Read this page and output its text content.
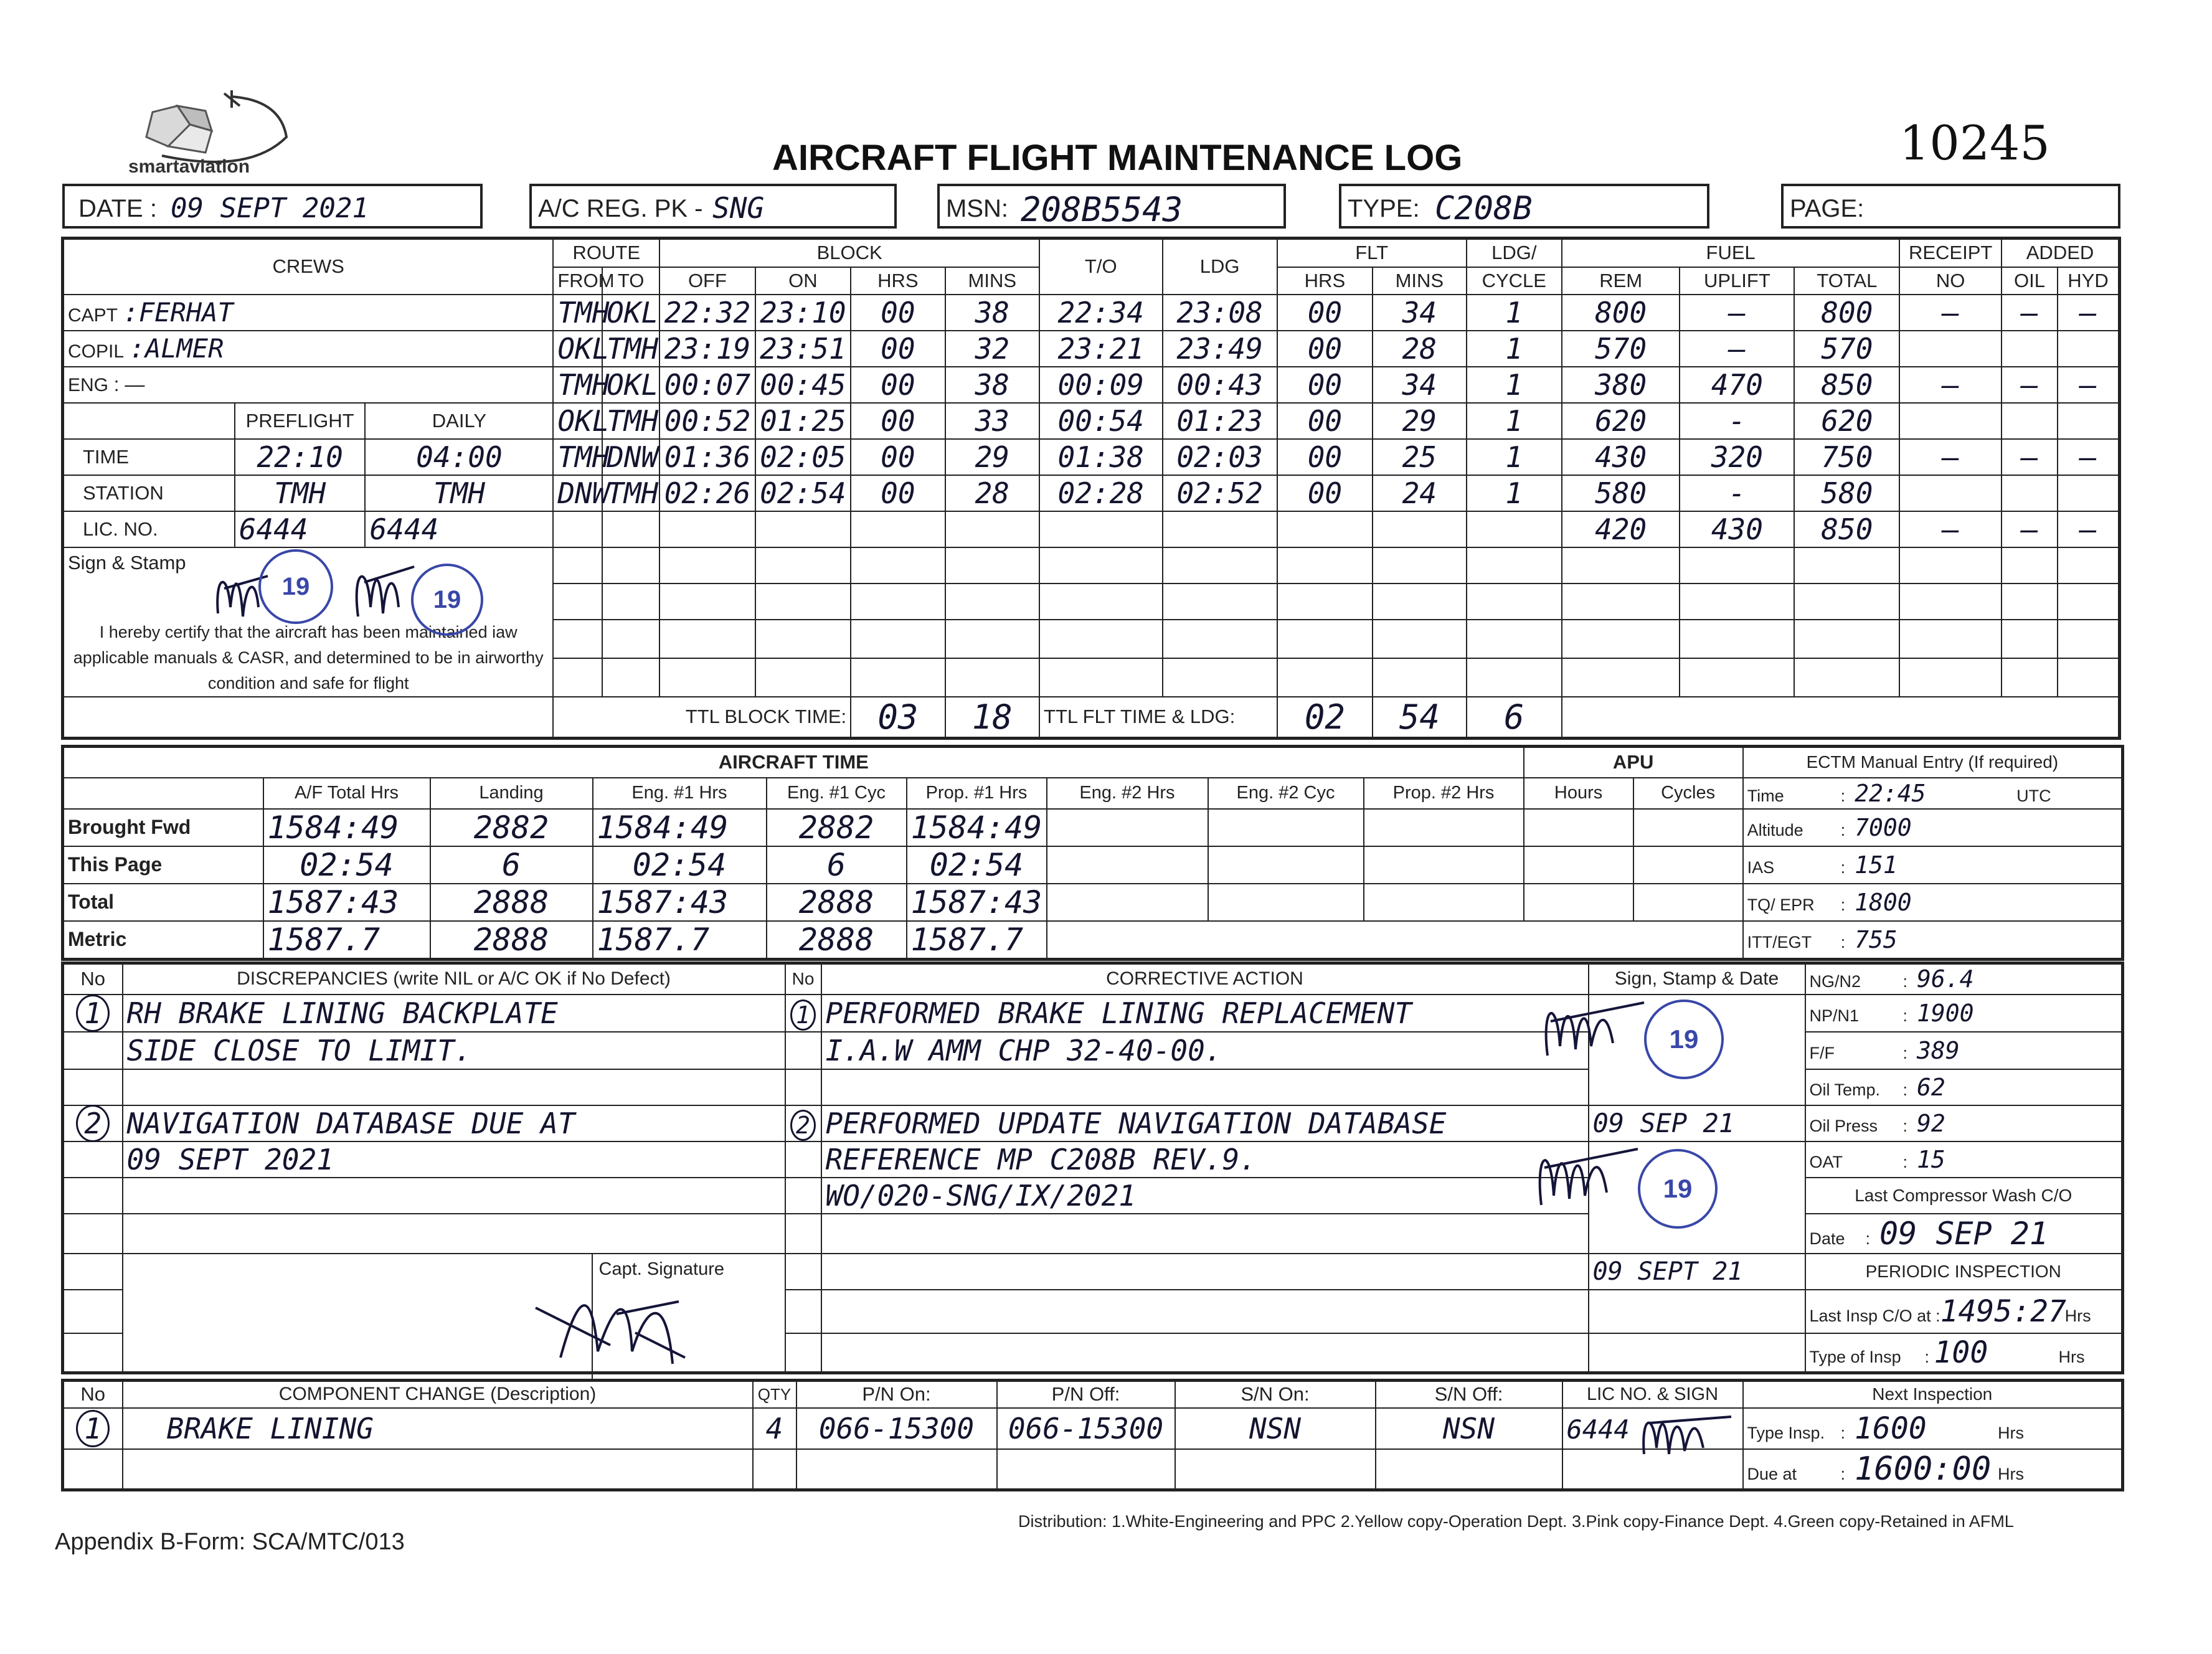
smartaviation	AIRCRAFT FLIGHT MAINTENANCE LOG	10245
DATE : 09 SEPT 2021	A/C REG. PK - SNG	MSN: 208B5543	TYPE: C208B	PAGE:
CREWS			ROUTE		BLOCK				T/O	LDG	FLT		LDG/	FUEL			RECEIPT	ADDED	
			FROM	TO	OFF	ON	HRS	MINS			HRS	MINS	CYCLE	REM	UPLIFT	TOTAL	NO	OIL	HYD
CAPT :FERHAT			TMH	OKL	22:32	23:10	00	38	22:34	23:08	00	34	1	800	—	800	—	—	—
COPIL :ALMER			OKL	TMH	23:19	23:51	00	32	23:21	23:49	00	28	1	570	—	570			
ENG : —			TMH	OKL	00:07	00:45	00	38	00:09	00:43	00	34	1	380	470	850	—	—	—
	PREFLIGHT	DAILY	OKL	TMH	00:52	01:25	00	33	00:54	01:23	00	29	1	620	-	620			
TIME	22:10	04:00	TMH	DNW	01:36	02:05	00	29	01:38	02:03	00	25	1	430	320	750	—	—	—
STATION	TMH	TMH	DNW	TMH	02:26	02:54	00	28	02:28	02:52	00	24	1	580	-	580			
LIC. NO.	6444	6444												420	430	850	—	—	—
Sign & Stamp																			

I hereby certify that the aircraft has been maintained iaw applicable manuals & CASR, and determined to be in airworthy condition and safe for flight																			

			TTL BLOCK TIME:				03	18	TTL FLT TIME & LDG:		02	54	6						
19	19
AIRCRAFT TIME									APU		ECTM Manual Entry (If required)
	A/F Total Hrs	Landing	Eng. #1 Hrs	Eng. #1 Cyc	Prop. #1 Hrs	Eng. #2 Hrs	Eng. #2 Cyc	Prop. #2 Hrs	Hours	Cycles	Time :  22:45 UTC
Brought Fwd	1584:49	2882	1584:49	2882	1584:49						Altitude :  7000
This Page	02:54	6	02:54	6	02:54						IAS :  151
Total	1587:43	2888	1587:43	2888	1587:43						TQ/ EPR :  1800
Metric	1587.7	2888	1587.7	2888	1587.7						ITT/EGT :  755
No	DISCREPANCIES (write NIL or A/C OK if No Defect)	No	CORRECTIVE ACTION	Sign, Stamp & Date	NG/N2 :  96.4
1	RH BRAKE LINING BACKPLATE	1	PERFORMED BRAKE LINING REPLACEMENT		NP/N1 :  1900
	SIDE CLOSE TO LIMIT.		I.A.W AMM CHP 32-40-00.		F/F :  389
					Oil Temp. :  62
2	NAVIGATION DATABASE DUE AT	2	PERFORMED UPDATE NAVIGATION DATABASE	09 SEP 21	Oil Press :  92
	09 SEPT 2021		REFERENCE MP C208B REV.9.		OAT :  15
			WO/020-SNG/IX/2021		Last Compressor Wash C/O
					Date :  09 SEP 21

	Capt. Signature			09 SEPT 21	PERIODIC INSPECTION
					Last Insp C/O at :1495:27Hrs
					Type of Insp : 100 Hrs
19
19
No	COMPONENT CHANGE (Description)	QTY	P/N On:	P/N Off:	S/N On:	S/N Off:	LIC NO. & SIGN	Next Inspection
1	BRAKE LINING	4	066-15300	066-15300	NSN	NSN	6444	Type Insp. :  1600 Hrs
								Due at :  1600:00 Hrs
Appendix B-Form: SCA/MTC/013
Distribution: 1.White-Engineering and PPC 2.Yellow copy-Operation Dept. 3.Pink copy-Finance Dept. 4.Green copy-Retained in AFML
